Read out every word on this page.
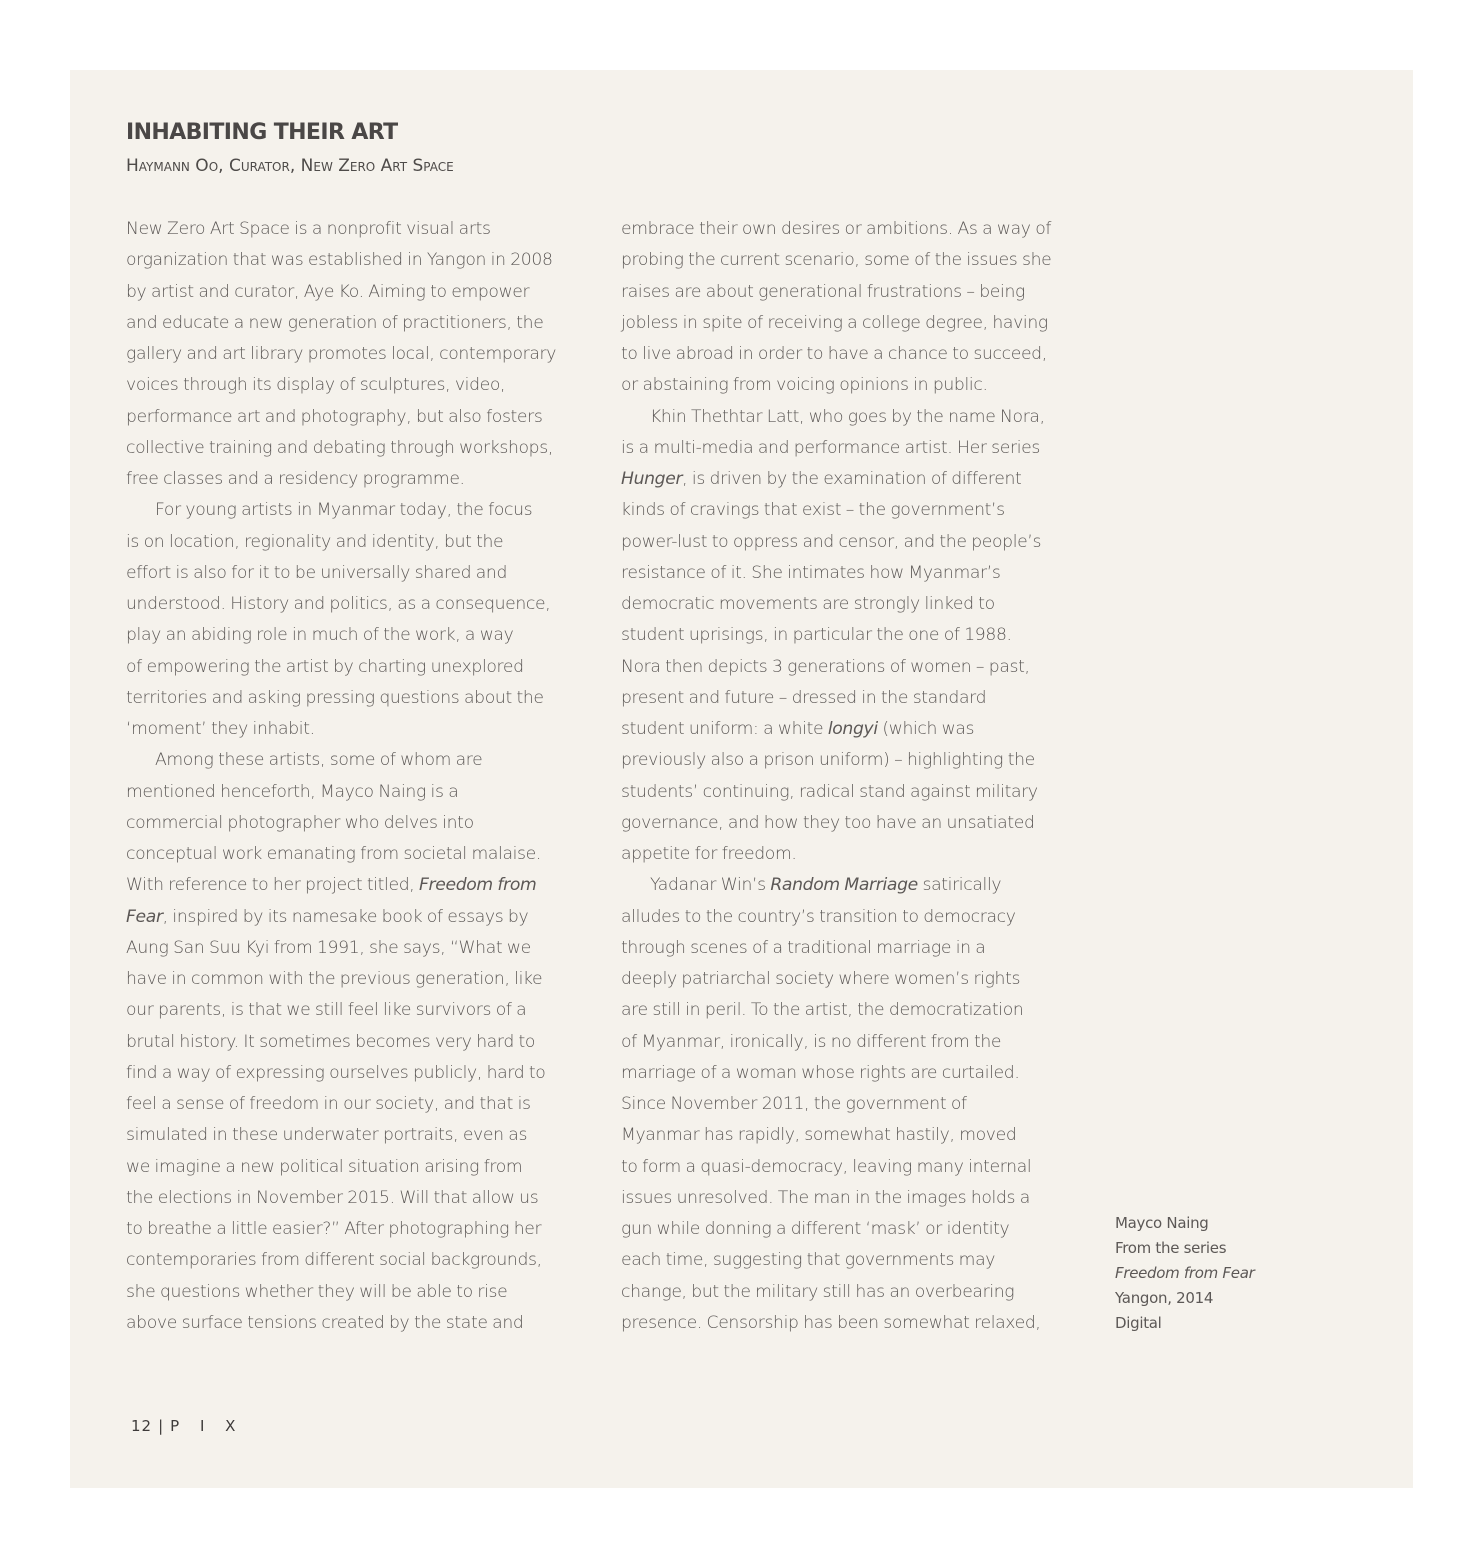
INHABITING THEIR ART
Haymann Oo, Curator, New Zero Art Space
New Zero Art Space is a nonprofit visual arts
organization that was established in Yangon in 2008
by artist and curator, Aye Ko. Aiming to empower
and educate a new generation of practitioners, the
gallery and art library promotes local, contemporary
voices through its display of sculptures, video,
performance art and photography, but also fosters
collective training and debating through workshops,
free classes and a residency programme.
For young artists in Myanmar today, the focus
is on location, regionality and identity, but the
effort is also for it to be universally shared and
understood. History and politics, as a consequence,
play an abiding role in much of the work, a way
of empowering the artist by charting unexplored
territories and asking pressing questions about the
‘moment’ they inhabit.
Among these artists, some of whom are
mentioned henceforth, Mayco Naing is a
commercial photographer who delves into
conceptual work emanating from societal malaise.
With reference to her project titled, Freedom from
Fear, inspired by its namesake book of essays by
Aung San Suu Kyi from 1991, she says, “What we
have in common with the previous generation, like
our parents, is that we still feel like survivors of a
brutal history. It sometimes becomes very hard to
find a way of expressing ourselves publicly, hard to
feel a sense of freedom in our society, and that is
simulated in these underwater portraits, even as
we imagine a new political situation arising from
the elections in November 2015. Will that allow us
to breathe a little easier?” After photographing her
contemporaries from different social backgrounds,
she questions whether they will be able to rise
above surface tensions created by the state and
embrace their own desires or ambitions. As a way of
probing the current scenario, some of the issues she
raises are about generational frustrations – being
jobless in spite of receiving a college degree, having
to live abroad in order to have a chance to succeed,
or abstaining from voicing opinions in public.
Khin Thethtar Latt, who goes by the name Nora,
is a multi-media and performance artist. Her series
Hunger, is driven by the examination of different
kinds of cravings that exist – the government’s
power-lust to oppress and censor, and the people’s
resistance of it. She intimates how Myanmar’s
democratic movements are strongly linked to
student uprisings, in particular the one of 1988.
Nora then depicts 3 generations of women – past,
present and future – dressed in the standard
student uniform: a white longyi (which was
previously also a prison uniform) – highlighting the
students’ continuing, radical stand against military
governance, and how they too have an unsatiated
appetite for freedom.
Yadanar Win’s Random Marriage satirically
alludes to the country’s transition to democracy
through scenes of a traditional marriage in a
deeply patriarchal society where women’s rights
are still in peril. To the artist, the democratization
of Myanmar, ironically, is no different from the
marriage of a woman whose rights are curtailed.
Since November 2011, the government of
Myanmar has rapidly, somewhat hastily, moved
to form a quasi-democracy, leaving many internal
issues unresolved. The man in the images holds a
gun while donning a different ‘mask’ or identity
each time, suggesting that governments may
change, but the military still has an overbearing
presence. Censorship has been somewhat relaxed,
Mayco Naing
From the series
Freedom from Fear
Yangon, 2014
Digital
12 | P I X
